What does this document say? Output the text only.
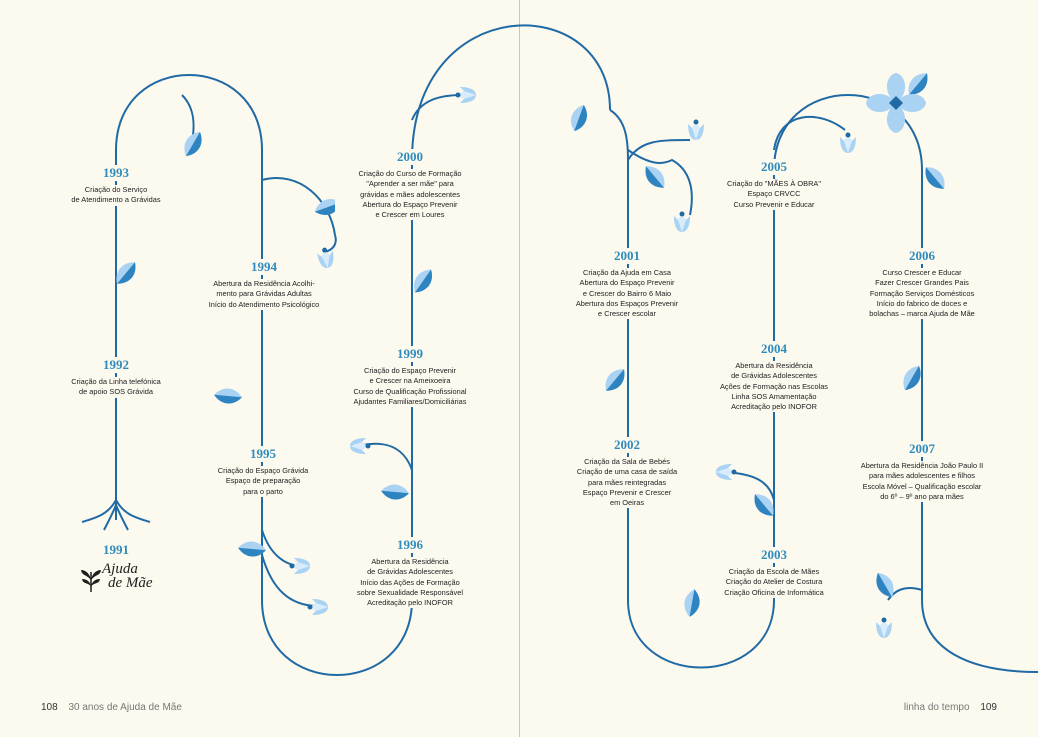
1993
Criação do Serviço
de Atendimento a Grávidas
1992
Criação da Linha telefónica
de apoio SOS Grávida
1991
Ajuda
de Mãe
1994
Abertura da Residência Acolhi-
mento para Grávidas Adultas
Início do Atendimento Psicológico
1995
Criação do Espaço Grávida
Espaço de preparação
para o parto
2000
Criação do Curso de Formação
"Aprender a ser mãe" para
grávidas e mães adolescentes
Abertura do Espaço Prevenir
e Crescer em Loures
1999
Criação do Espaço Prevenir
e Crescer na Ameixoeira
Curso de Qualificação Profissional
Ajudantes Familiares/Domiciliárias
1996
Abertura da Residência
de Grávidas Adolescentes
Início das Ações de Formação
sobre Sexualidade Responsável
Acreditação pelo INOFOR
2001
Criação da Ajuda em Casa
Abertura do Espaço Prevenir
e Crescer do Bairro 6 Maio
Abertura dos Espaços Prevenir
e Crescer escolar
2002
Criação da Sala de Bebés
Criação de uma casa de saída
para mães reintegradas
Espaço Prevenir e Crescer
em Oeiras
2005
Criação do "MÃES À OBRA"
Espaço CRVCC
Curso Prevenir e Educar
2004
Abertura da Residência
de Grávidas Adolescentes
Ações de Formação nas Escolas
Linha SOS Amamentação
Acreditação pelo INOFOR
2003
Criação da Escola de Mães
Criação do Atelier de Costura
Criação Oficina de Informática
2006
Curso Crescer e Educar
Fazer Crescer Grandes Pais
Formação Serviços Domésticos
Início do fabrico de doces e
bolachas – marca Ajuda de Mãe
2007
Abertura da Residência João Paulo II
para mães adolescentes e filhos
Escola Móvel – Qualificação escolar
do 6º – 9º ano para mães
108 30 anos de Ajuda de Mãe	linha do tempo 109
